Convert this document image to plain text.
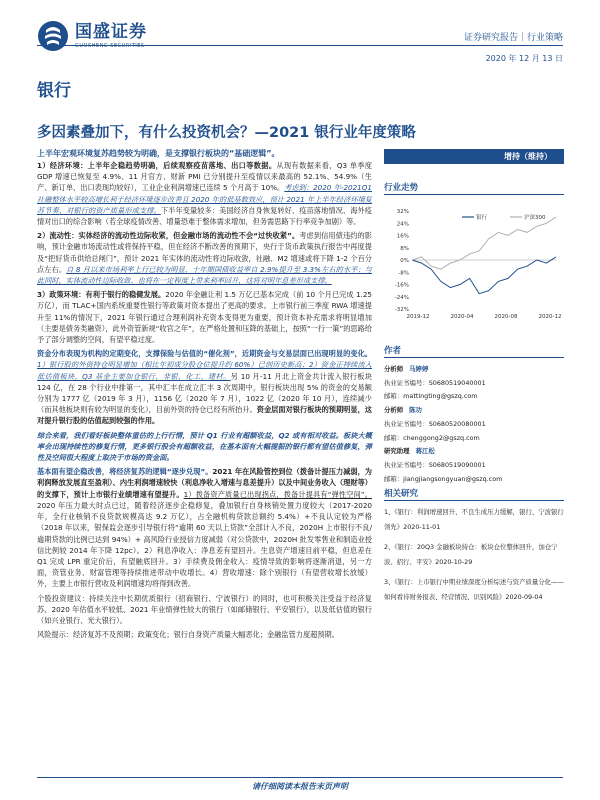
国盛证券
GUOSHENG SECURITIES
证券研究报告｜行业策略
2020 年 12 月 13 日
银行
多因素叠加下，有什么投资机会？—2021 银行业年度策略
上半年宏观环境复苏趋势较为明确，是支撑银行板块的“基础逻辑”。

1）经济环境：上半年企稳趋势明确，后续观察疫苗落地、出口等数据。从现有数据来看，Q3 单季度 GDP 增速已恢复至 4.9%、11 月官方、财新 PMI 已分别提升至疫情以来最高的 52.1%、54.9%（生产、新订单、出口表现均较好），工业企业利润增速已连续 5 个月高于 10%。考虑到：2020 年-2021Q1 社融整体水平较高增长利于经济环境逐步改善且 2020 年的低基数效应，预计 2021 年上半年经济环境复苏节奏、对银行的资产质量形成支撑。下半年变量较多：美国经济自身恢复转好、疫苗落地情况、海外疫情对出口的综合影响（若全球疫情改善、增量恐难于整体需求增加，但务需思路下行率竞争加剧）等。

2）流动性：实体经济的流动性边际收紧，但金融市场的流动性不会“过快收紧”。考虑到信用债违约的影响，预计金融市场流动性或将保持平稳，但在经济不断改善的预期下，央行于货币政策执行报告中再度提及“把好货币供给总闸门”，预计 2021 年实体的流动性将边际收敛，社融、M2 增速或将下降 1-2 个百分点左右。自 8 月以来市场利率上行已较为明显，十年期国债收益率自 2.9%提升至 3.3%左右的水平；与此同时，实体流动性边际收敛、也将在一定程度上带来利率回升，这将对明年息差形成支撑。

3）政策环境：有利于银行的稳健发展。2020 年金融让利 1.5 万亿已基本完成（前 10 个月已完成 1.25 万亿），而 TLAC+国内系统重要性银行等政策对资本提出了更高的要求。上市银行前三季度 RWA 增速提升至 11%的情况下，2021 年银行通过合理利润补充资本变得更为重要，预计资本补充需求将明显增加（主要是债务类融资），此外资管新规“收官之年”，在严格处置和压降的基础上，按照“一行一策”的思路给予了部分调整的空间，有望平稳过度。

资金分布表现为机构的定期变化，支撑保险与估值的“催化剂”，近期资金与交易层面已出现明显的变化。1）银行股的外资持仓明显增加（相比年初成分股仓位提升约 60%）已创历史新高；2）资金正持续流入低估值板块，Q3 基金主要加仓银行、非银、化工、建材。另 10 月-11 月北上资金共计流入银行板块 124 亿，在 28 个行业中排第一，其中汇丰在成立汇丰 3 次周期中，银行板块出现 5% 的资金的交易额分别为 1777 亿（2019 年 3 月），1156 亿（2020 年 7 月），1022 亿（2020 年 10 月），连续减少（而其他板块则有较为明显的变化），目前外资的持仓已经有所抬升。资金层面对银行板块的预期明显，这对提升银行股的估值起到较强的作用。

综合来看，我们看好板块整体重估的上行行情，预计 Q1 行业有超额收益，Q2 或有相对收益。板块大概率会出现持续性的修复行情，更多银行股会有超额收益，在基本面有大幅提振的银行都有望估值修复，弹性及空间很大程度上取决于市场的资金面。

基本面有望企稳改善，将经济复苏的逻辑“逐步兑现”。2021 年在风险管控到位（拨备计提压力减弱，为利润释放发展直至盈利）、内生利润增速较快（利息净收入增速与息差提升）以及中间业务收入（理财等）的支撑下，预计上市银行业绩增速有望提升。1）拨备资产质量已出现拐点，拨备计提具有“弹性空间”。2020 年压力最大时点已过，随着经济逐步企稳修复，叠加银行自身核销处置力度较大（2017-2020 年，全行业核销不良贷款规模高达 9.2 万亿），占全融机构贷款总额约 5.4%）+不良认定较为严格（2018 年以来，银保监会逐步引导银行将“逾期 60 天以上贷款”全部计入不良，2020H 上市银行不良/逾期贷款的比例已达到 94%）+ 高风险行业授信力度减弱（对公贷款中，2020H 批发零售业和制造业授信比例较 2014 年下降 12pc）。2）利息净收入：净息差有望回升。生息资产增速目前平稳，但息差在 Q1 完成 LPR 重定价后，有望触底回升。3）手续费及佣金收入：疫情导致的影响将逐渐消退，另一方面，资管业务、财富管理等持续推进带动中收增长。4）营收增速：除个别银行（有望营收增长放缓）外，主要上市银行营收及利润增速均将得到改善。

个股投资建议：持续关注中长期优质银行（招商银行、宁波银行）的同时，也可积极关注受益于经济复苏、2020 年估值水平较低、2021 年业绩弹性较大的银行（如邮储银行、平安银行），以及低估值的银行（如兴业银行、光大银行）。

风险提示：经济复苏不及预期；政策变化；银行自身资产质量大幅恶化；金融监管力度超预期。

增持（维持）
行业走势
32%
24%
16%
8%
0%
-8%
-16%
-24%
-32%
2019-12	2020-04	2020-08	2020-12
银行	沪深300
作者
分析师 马婷婷
执业证书编号：S0680519040001
邮箱：mattingting@gszq.com
分析师 陈功
执业证书编号：S0680520080001
邮箱：chenggong2@gszq.com
研究助理 蒋江松
执业证书编号：S0680519090001
邮箱：jiangjiangsongyuan@gszq.com
相关研究
1、《银行：利润增速回升、不良生成压力缓解，银行、宁波银行领先》2020-11-01
2、《银行：20Q3 金融板块持仓：板块仓位整体回升，加仓宁波、招行、平安》2020-10-29
3、《银行：上市银行中期业绩深度分析综述与资产质量分化——如何看待财务报表、经营情况、识别风险》2020-09-04
请仔细阅读本报告末页声明
